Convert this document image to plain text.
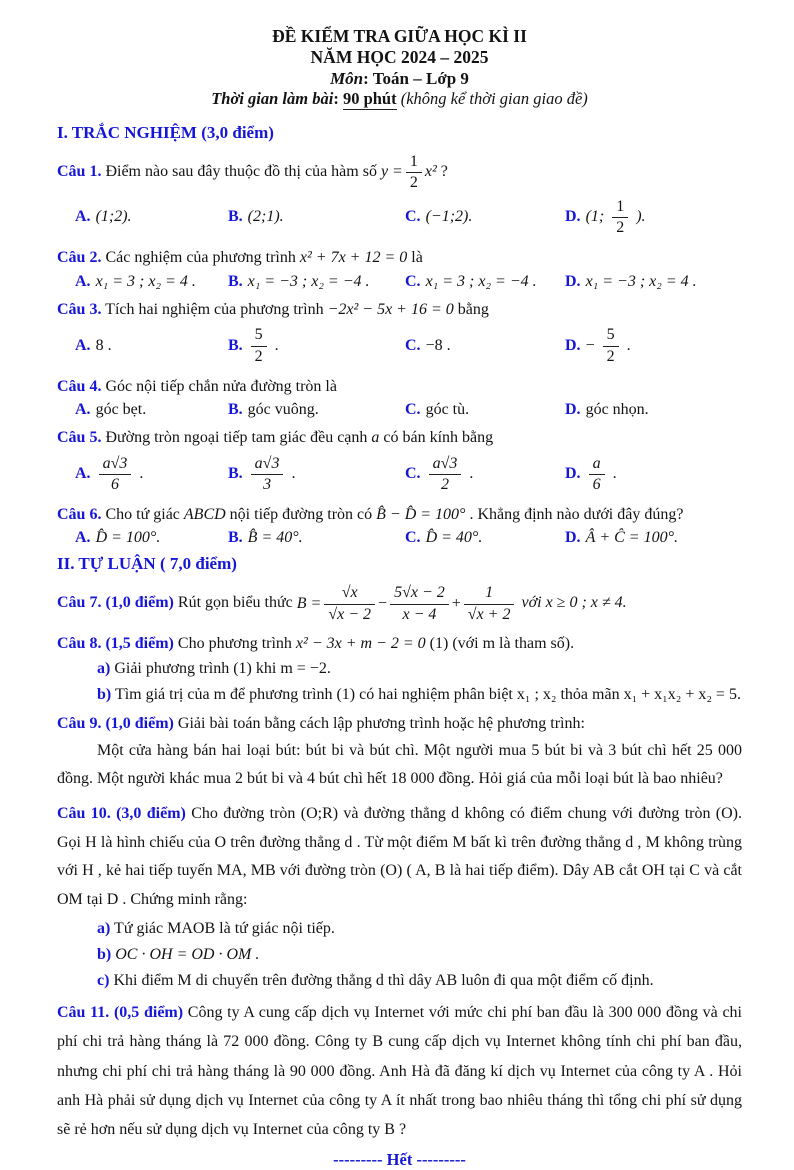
ĐỀ KIỂM TRA GIỮA HỌC KÌ II
NĂM HỌC 2024 – 2025
Môn: Toán – Lớp 9
Thời gian làm bài: 90 phút (không kể thời gian giao đề)
I. TRẮC NGHIỆM (3,0 điểm)
Câu 1. Điểm nào sau đây thuộc đồ thị của hàm số $y = \frac{1}{2} x^2$ ?
A. (1;2).	B. (2;1).	C. (−1;2).	D. (1; $\frac{1}{2}$ ).
Câu 2. Các nghiệm của phương trình x² + 7x + 12 = 0 là
A. x₁ = 3 ; x₂ = 4 . B. x₁ = −3 ; x₂ = −4 . C. x₁ = 3 ; x₂ = −4 . D. x₁ = −3 ; x₂ = 4 .
Câu 3. Tích hai nghiệm của phương trình −2x² − 5x + 16 = 0 bằng
A. 8 .	B. $\frac{5}{2}$ .	C. −8 .	D. − $\frac{5}{2}$ .
Câu 4. Góc nội tiếp chắn nửa đường tròn là
A. góc bẹt.	B. góc vuông.	C. góc tù.	D. góc nhọn.
Câu 5. Đường tròn ngoại tiếp tam giác đều cạnh a có bán kính bằng
A. $\frac{a√3}{6}$ .	B. $\frac{a√3}{3}$ .	C. $\frac{a√3}{2}$ .	D. $\frac{a}{6}$ .
Câu 6. Cho tứ giác ABCD nội tiếp đường tròn có B̂ − D̂ = 100° . Khẳng định nào dưới đây đúng?
A. D̂ = 100°.	B. B̂ = 40°.	C. D̂ = 40°.	D. Â + Ĉ = 100°.
II. TỰ LUẬN ( 7,0 điểm)
Câu 7. (1,0 điểm) Rút gọn biểu thức $B = \frac{√x}{√x - 2} - \frac{5√x - 2}{x - 4} + \frac{1}{√x + 2}$ với x ≥ 0 ; x ≠ 4.
Câu 8. (1,5 điểm) Cho phương trình x² − 3x + m − 2 = 0 (1) (với m là tham số).
a) Giải phương trình (1) khi m = −2.
b) Tìm giá trị của m để phương trình (1) có hai nghiệm phân biệt x₁ ; x₂ thỏa mãn x₁ + x₁x₂ + x₂ = 5.
Câu 9. (1,0 điểm) Giải bài toán bằng cách lập phương trình hoặc hệ phương trình:

Một cửa hàng bán hai loại bút: bút bi và bút chì. Một người mua 5 bút bi và 3 bút chì hết 25 000 đồng. Một người khác mua 2 bút bi và 4 bút chì hết 18 000 đồng. Hỏi giá của mỗi loại bút là bao nhiêu?

Câu 10. (3,0 điểm) Cho đường tròn (O;R) và đường thẳng d không có điểm chung với đường tròn (O). Gọi H là hình chiếu của O trên đường thẳng d . Từ một điểm M bất kì trên đường thẳng d , M không trùng với H , kẻ hai tiếp tuyến MA, MB với đường tròn (O) ( A, B là hai tiếp điểm). Dây AB cắt OH tại C và cắt OM tại D . Chứng minh rằng:

a) Tứ giác MAOB là tứ giác nội tiếp.
b) OC · OH = OD · OM .
c) Khi điểm M di chuyển trên đường thẳng d thì dây AB luôn đi qua một điểm cố định.

Câu 11. (0,5 điểm) Công ty A cung cấp dịch vụ Internet với mức chi phí ban đầu là 300 000 đồng và chi phí chi trả hàng tháng là 72 000 đồng. Công ty B cung cấp dịch vụ Internet không tính chi phí ban đầu, nhưng chi phí chi trả hàng tháng là 90 000 đồng. Anh Hà đã đăng kí dịch vụ Internet của công ty A . Hỏi anh Hà phải sử dụng dịch vụ Internet của công ty A ít nhất trong bao nhiêu tháng thì tổng chi phí sử dụng sẽ rẻ hơn nếu sử dụng dịch vụ Internet của công ty B ?

--------- Hết ---------
